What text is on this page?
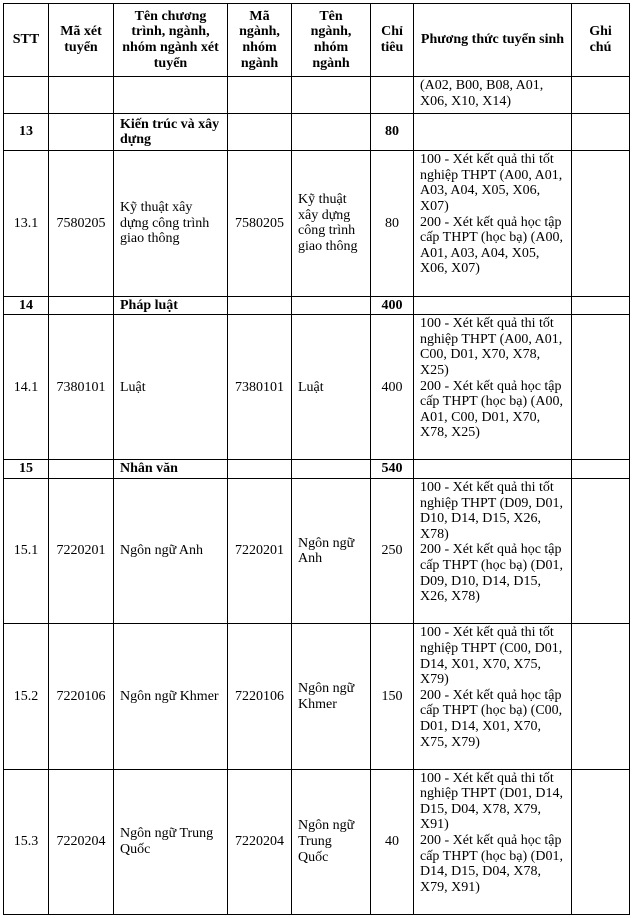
STT	Mã xét tuyển	Tên chương trình, ngành, nhóm ngành xét tuyển	Mã ngành, nhóm ngành	Tên ngành, nhóm ngành	Chỉ tiêu	Phương thức tuyển sinh	Ghi chú
						(A02, B00, B08, A01, X06, X10, X14)	
13		Kiến trúc và xây dựng			80		
13.1	7580205	Kỹ thuật xây dựng công trình giao thông	7580205	Kỹ thuật xây dựng công trình giao thông	80	100 - Xét kết quả thi tốt nghiệp THPT (A00, A01, A03, A04, X05, X06, X07)
200 - Xét kết quả học tập cấp THPT (học bạ) (A00, A01, A03, A04, X05, X06, X07)	
14		Pháp luật			400		
14.1	7380101	Luật	7380101	Luật	400	100 - Xét kết quả thi tốt nghiệp THPT (A00, A01, C00, D01, X70, X78, X25)
200 - Xét kết quả học tập cấp THPT (học bạ) (A00, A01, C00, D01, X70, X78, X25)	
15		Nhân văn			540		
15.1	7220201	Ngôn ngữ Anh	7220201	Ngôn ngữ Anh	250	100 - Xét kết quả thi tốt nghiệp THPT (D09, D01, D10, D14, D15, X26, X78)
200 - Xét kết quả học tập cấp THPT (học bạ) (D01, D09, D10, D14, D15, X26, X78)	
15.2	7220106	Ngôn ngữ Khmer	7220106	Ngôn ngữ Khmer	150	100 - Xét kết quả thi tốt nghiệp THPT (C00, D01, D14, X01, X70, X75, X79)
200 - Xét kết quả học tập cấp THPT (học bạ) (C00, D01, D14, X01, X70, X75, X79)	
15.3	7220204	Ngôn ngữ Trung Quốc	7220204	Ngôn ngữ Trung Quốc	40	100 - Xét kết quả thi tốt nghiệp THPT (D01, D14, D15, D04, X78, X79, X91)
200 - Xét kết quả học tập cấp THPT (học bạ) (D01, D14, D15, D04, X78, X79, X91)	
